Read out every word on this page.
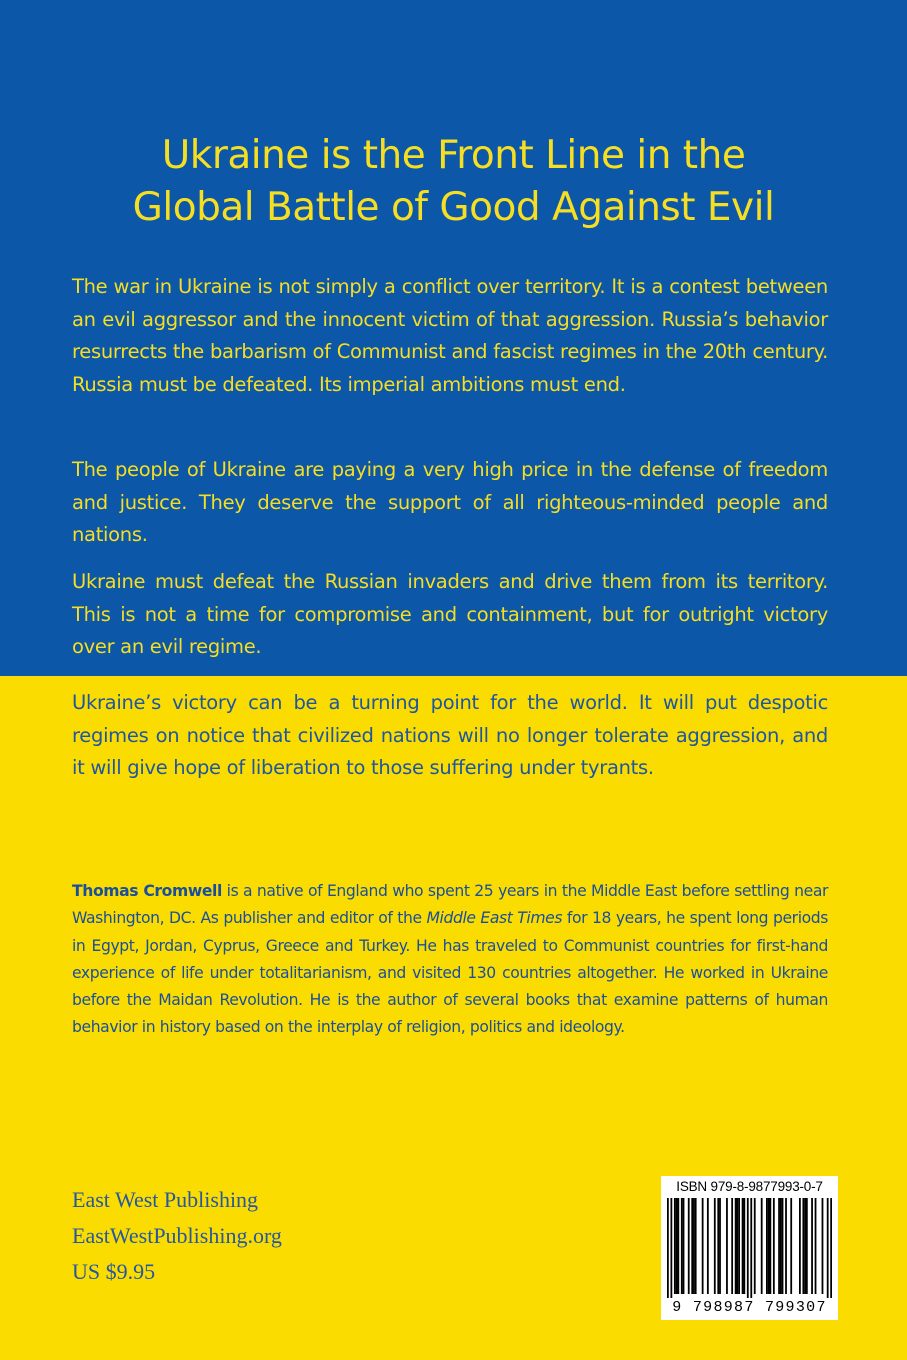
Ukraine is the Front Line in the
Global Battle of Good Against Evil

The war in Ukraine is not simply a conflict over territory. It is a contest between an evil aggressor and the innocent victim of that aggression. Russia’s behavior resurrects the barbarism of Communist and fascist regimes in the 20th century. Russia must be defeated. Its imperial ambitions must end.

The people of Ukraine are paying a very high price in the defense of freedom and justice. They deserve the support of all righteous-minded people and nations.

Ukraine must defeat the Russian invaders and drive them from its territory. This is not a time for compromise and containment, but for outright victory over an evil regime.

Ukraine’s victory can be a turning point for the world. It will put despotic regimes on notice that civilized nations will no longer tolerate aggression, and it will give hope of liberation to those suffering under tyrants.

Thomas Cromwell is a native of England who spent 25 years in the Middle East before settling near Washington, DC. As publisher and editor of the Middle East Times for 18 years, he spent long periods in Egypt, Jordan, Cyprus, Greece and Turkey. He has traveled to Communist countries for first-hand experience of life under totalitarianism, and visited 130 countries altogether. He worked in Ukraine before the Maidan Revolution. He is the author of several books that examine patterns of human behavior in history based on the interplay of religion, politics and ideology.

East West Publishing
EastWestPublishing.org
US $9.95
ISBN 979-8-9877993-0-7
9 798987 799307
